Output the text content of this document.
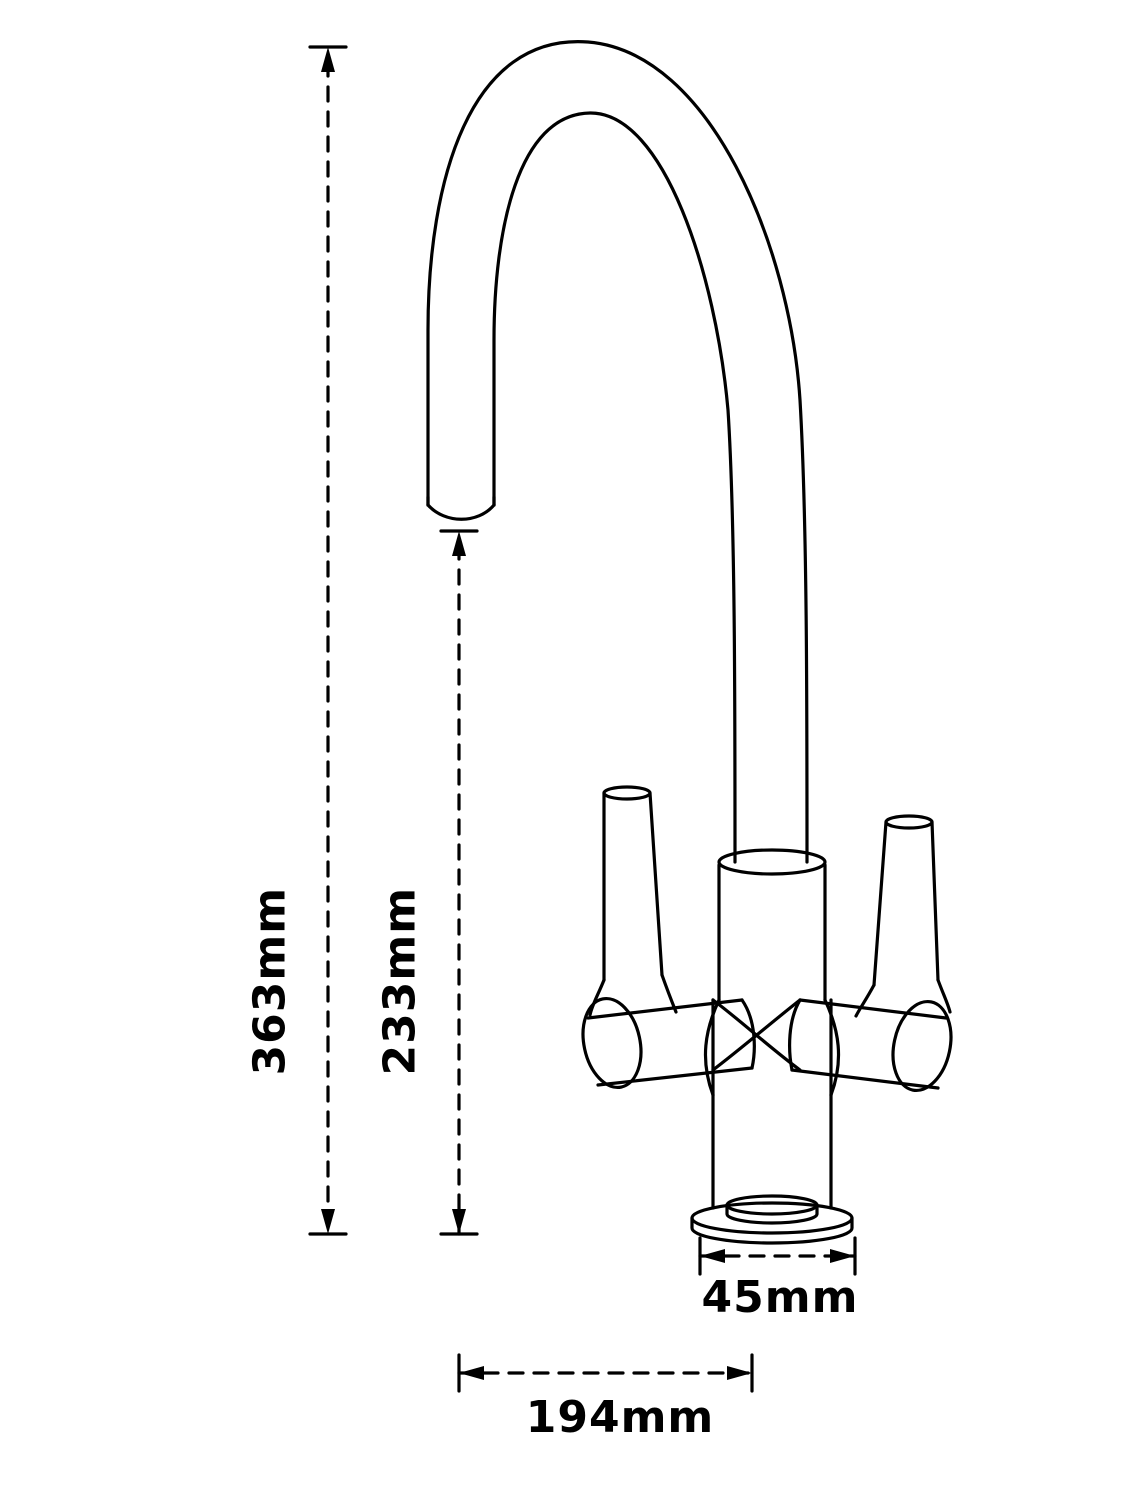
363mm 233mm
45mm
194mm
